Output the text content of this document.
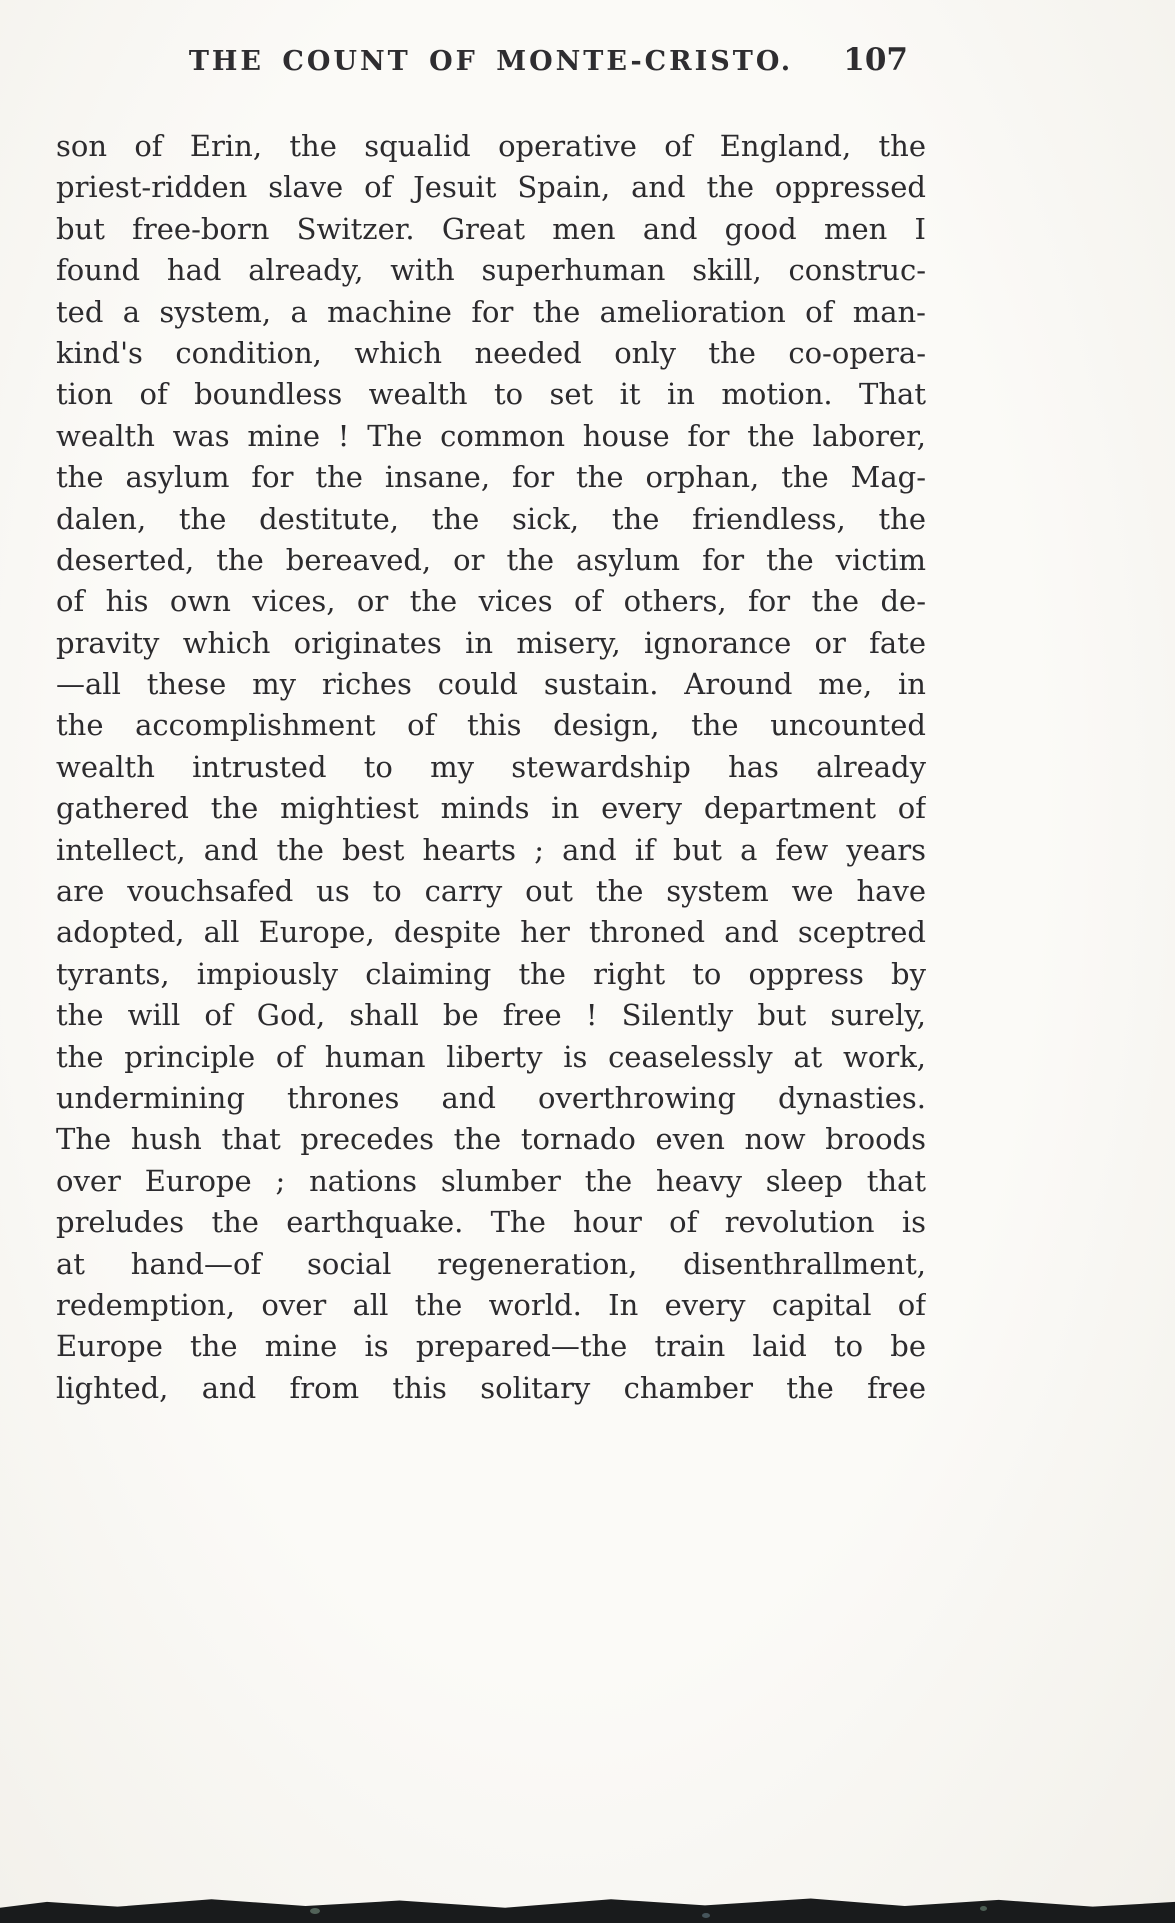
THE COUNT OF MONTE-CRISTO.	107
son of Erin, the squalid operative of England, the
priest-ridden slave of Jesuit Spain, and the oppressed
but free-born Switzer. Great men and good men I
found had already, with superhuman skill, construc-
ted a system, a machine for the amelioration of man-
kind's condition, which needed only the co-opera-
tion of boundless wealth to set it in motion. That
wealth was mine ! The common house for the laborer,
the asylum for the insane, for the orphan, the Mag-
dalen, the destitute, the sick, the friendless, the
deserted, the bereaved, or the asylum for the victim
of his own vices, or the vices of others, for the de-
pravity which originates in misery, ignorance or fate
—all these my riches could sustain. Around me, in
the accomplishment of this design, the uncounted
wealth intrusted to my stewardship has already
gathered the mightiest minds in every department of
intellect, and the best hearts ; and if but a few years
are vouchsafed us to carry out the system we have
adopted, all Europe, despite her throned and sceptred
tyrants, impiously claiming the right to oppress by
the will of God, shall be free ! Silently but surely,
the principle of human liberty is ceaselessly at work,
undermining thrones and overthrowing dynasties.
The hush that precedes the tornado even now broods
over Europe ; nations slumber the heavy sleep that
preludes the earthquake. The hour of revolution is
at hand—of social regeneration, disenthrallment,
redemption, over all the world. In every capital of
Europe the mine is prepared—the train laid to be
lighted, and from this solitary chamber the free
